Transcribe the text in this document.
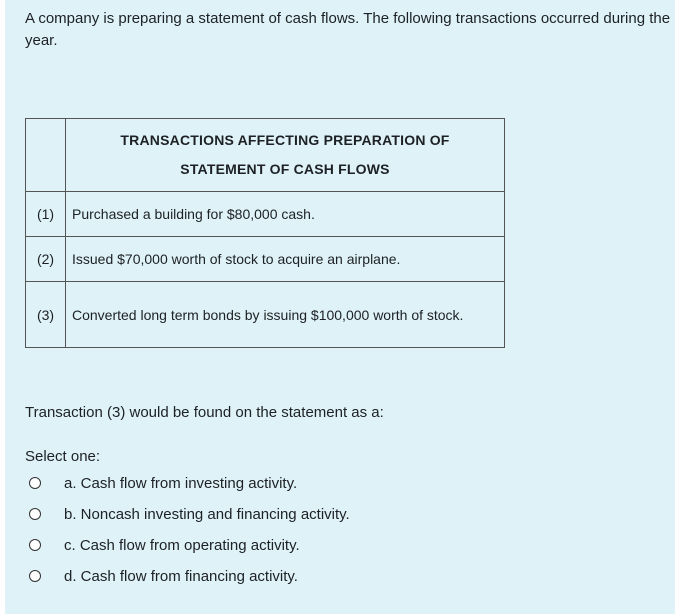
A company is preparing a statement of cash flows. The following transactions occurred during the year.
	TRANSACTIONS AFFECTING PREPARATION OF
STATEMENT OF CASH FLOWS
(1)	Purchased a building for $80,000 cash.
(2)	Issued $70,000 worth of stock to acquire an airplane.
(3)	Converted long term bonds by issuing $100,000 worth of stock.
Transaction (3) would be found on the statement as a:
Select one:
a. Cash flow from investing activity.
b. Noncash investing and financing activity.
c. Cash flow from operating activity.
d. Cash flow from financing activity.
